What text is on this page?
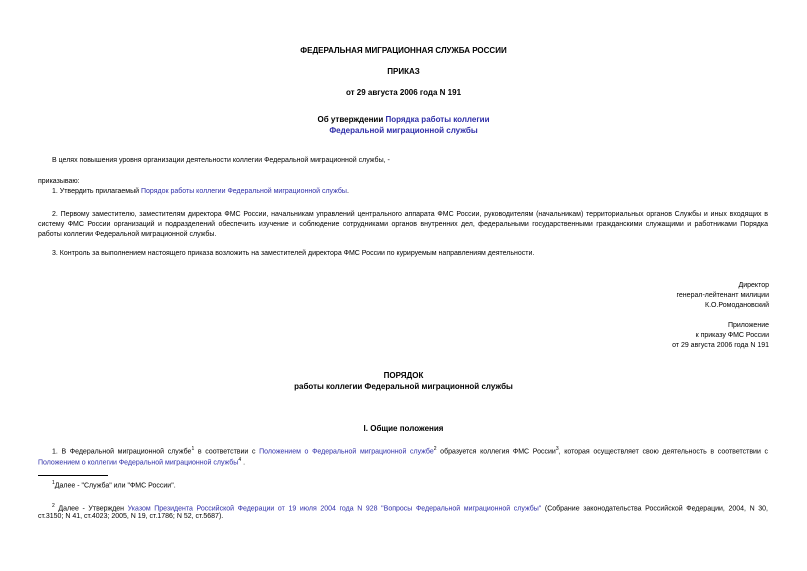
ФЕДЕРАЛЬНАЯ МИГРАЦИОННАЯ СЛУЖБА РОССИИ
ПРИКАЗ
от 29 августа 2006 года N 191
Об утверждении Порядка работы коллегии
Федеральной миграционной службы
В целях повышения уровня организации деятельности коллегии Федеральной миграционной службы, -
приказываю:
1. Утвердить прилагаемый Порядок работы коллегии Федеральной миграционной службы.
2. Первому заместителю, заместителям директора ФМС России, начальникам управлений центрального аппарата ФМС России, руководителям (начальникам) территориальных органов Службы и иных входящих в
систему ФМС России организаций и подразделений обеспечить изучение и соблюдение сотрудниками органов внутренних дел, федеральными государственными гражданскими служащими и работниками Порядка
работы коллегии Федеральной миграционной службы.
3. Контроль за выполнением настоящего приказа возложить на заместителей директора ФМС России по курируемым направлениям деятельности.
Директор
генерал-лейтенант милиции
К.О.Ромодановский
Приложение
к приказу ФМС России
от 29 августа 2006 года N 191
ПОРЯДОК
работы коллегии Федеральной миграционной службы
I. Общие положения
1. В Федеральной миграционной службе$^1$ в соответствии с Положением о Федеральной миграционной службе$^2$ образуется коллегия ФМС России$^3$, которая осуществляет свою деятельность в соответствии с
Положением о коллегии Федеральной миграционной службы$^4$ .
$^1$Далее - "Служба" или "ФМС России".
$^2$ Далее - Утвержден Указом Президента Российской Федерации от 19 июля 2004 года N 928 "Вопросы Федеральной миграционной службы" (Собрание законодательства Российской Федерации, 2004, N 30,
ст.3150; N 41, ст.4023; 2005, N 19, ст.1786; N 52, ст.5687).
